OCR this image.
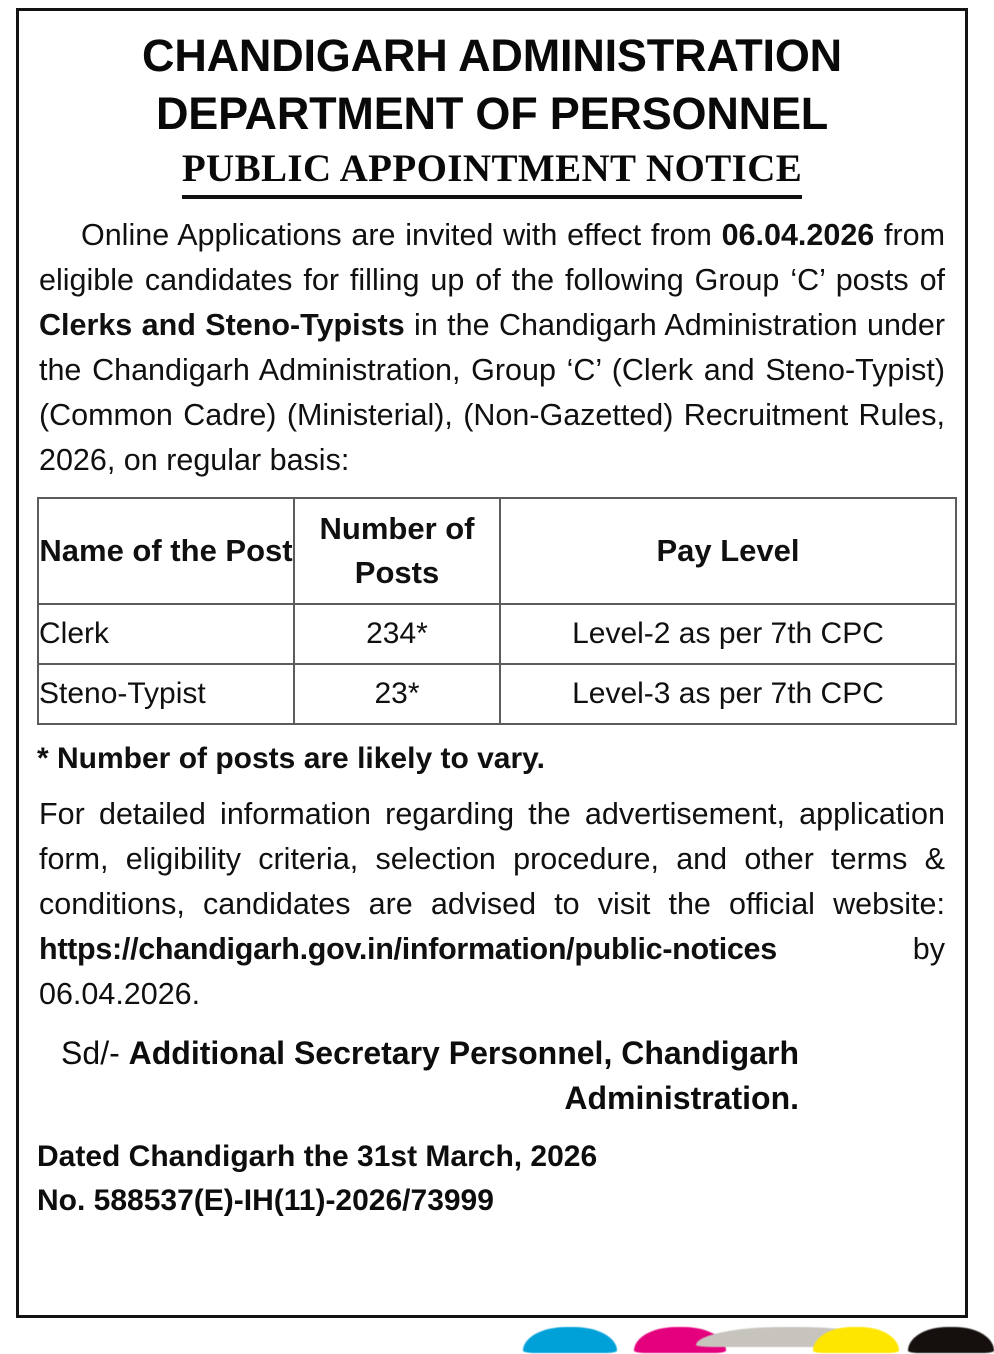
CHANDIGARH ADMINISTRATION
DEPARTMENT OF PERSONNEL
PUBLIC APPOINTMENT NOTICE

Online Applications are invited with effect from 06.04.2026 from eligible candidates for filling up of the following Group ‘C’ posts of Clerks and Steno-Typists in the Chandigarh Administration under the Chandigarh Administration, Group ‘C’ (Clerk and Steno-Typist) (Common Cadre) (Ministerial), (Non-Gazetted) Recruitment Rules, 2026, on regular basis:

Name of the Post	Number of Posts	Pay Level
Clerk	234*	Level-2 as per 7th CPC
Steno-Typist	23*	Level-3 as per 7th CPC
* Number of posts are likely to vary.

For detailed information regarding the advertisement, application form, eligibility criteria, selection procedure, and other terms & conditions, candidates are advised to visit the official website: https://chandigarh.gov.in/information/public-notices by 06.04.2026.

Sd/- Additional Secretary Personnel, Chandigarh Administration.
Dated Chandigarh the 31st March, 2026
No. 588537(E)-IH(11)-2026/73999
